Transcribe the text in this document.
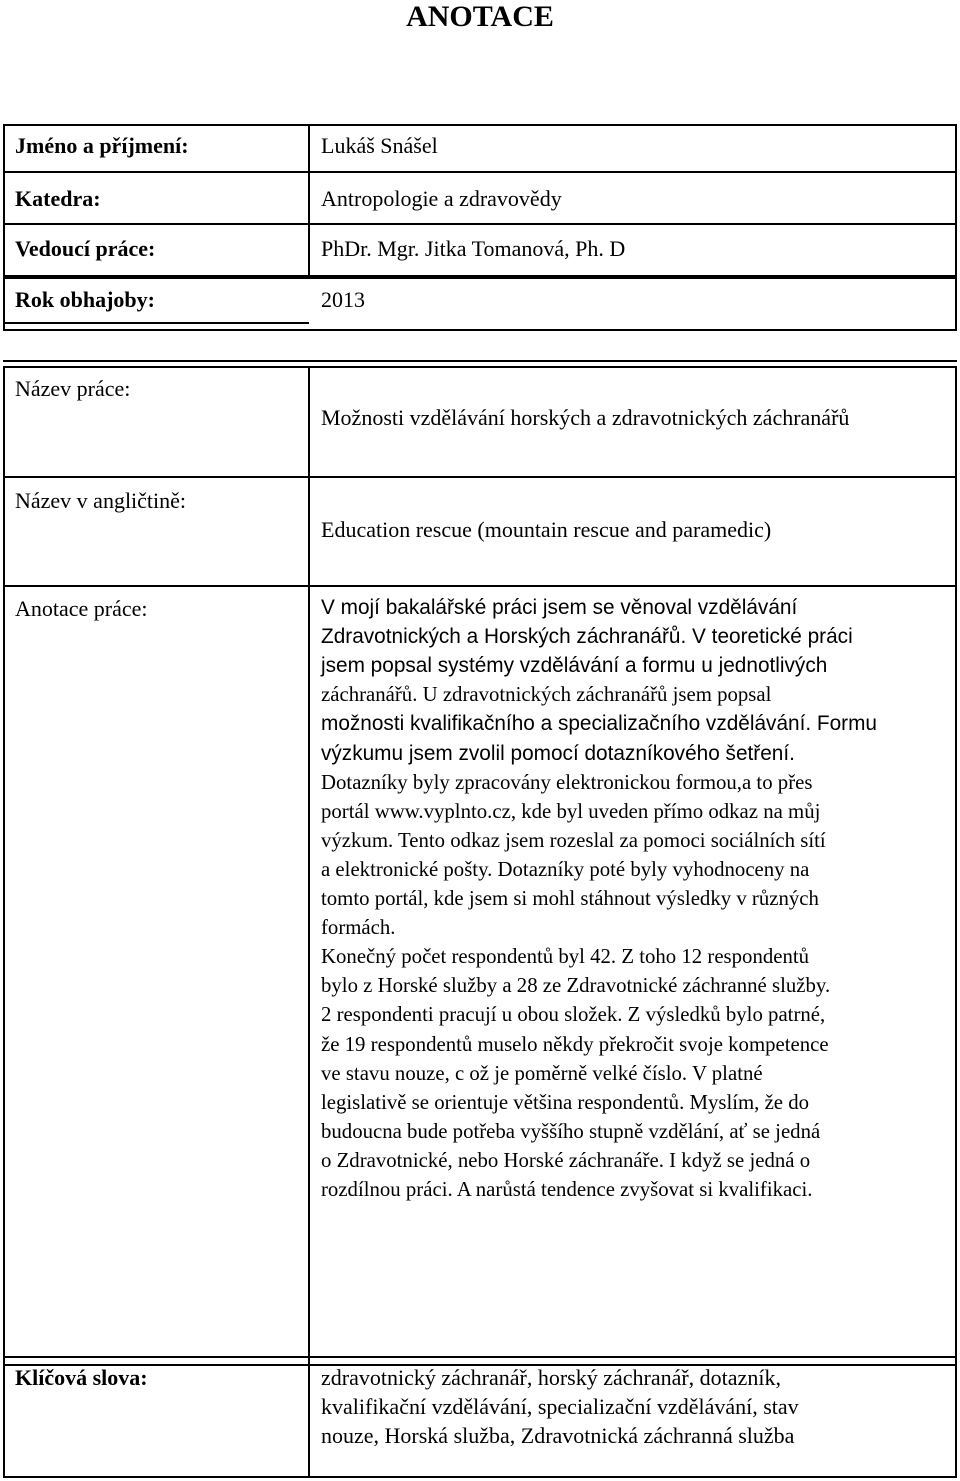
ANOTACE
Jméno a příjmení:	Lukáš Snášel
Katedra:	Antropologie a zdravovědy
Vedoucí práce:	PhDr. Mgr. Jitka Tomanová, Ph. D
Rok obhajoby:	2013
Název práce:
Možnosti vzdělávání horských a zdravotnických záchranářů
Název v angličtině:
Education rescue (mountain rescue and paramedic)
Anotace práce:	V mojí bakalářské práci jsem se věnoval vzdělávání
Zdravotnických a Horských záchranářů. V teoretické práci
jsem popsal systémy vzdělávání a formu u jednotlivých
záchranářů. U zdravotnických záchranářů jsem popsal
možnosti kvalifikačního a specializačního vzdělávání. Formu
výzkumu jsem zvolil pomocí dotazníkového šetření.
Dotazníky byly zpracovány elektronickou formou,a to přes
portál www.vyplnto.cz, kde byl uveden přímo odkaz na můj
výzkum. Tento odkaz jsem rozeslal za pomoci sociálních sítí
a elektronické pošty. Dotazníky poté byly vyhodnoceny na
tomto portál, kde jsem si mohl stáhnout výsledky v různých
formách.
Konečný počet respondentů byl 42. Z toho 12 respondentů
bylo z Horské služby a 28 ze Zdravotnické záchranné služby.
2 respondenti pracují u obou složek. Z výsledků bylo patrné,
že 19 respondentů muselo někdy překročit svoje kompetence
ve stavu nouze, c ož je poměrně velké číslo. V platné
legislativě se orientuje většina respondentů. Myslím, že do
budoucna bude potřeba vyššího stupně vzdělání, ať se jedná
o Zdravotnické, nebo Horské záchranáře. I když se jedná o
rozdílnou práci. A narůstá tendence zvyšovat si kvalifikaci.
Klíčová slova:	zdravotnický záchranář, horský záchranář, dotazník,
kvalifikační vzdělávání, specializační vzdělávání, stav
nouze, Horská služba, Zdravotnická záchranná služba
